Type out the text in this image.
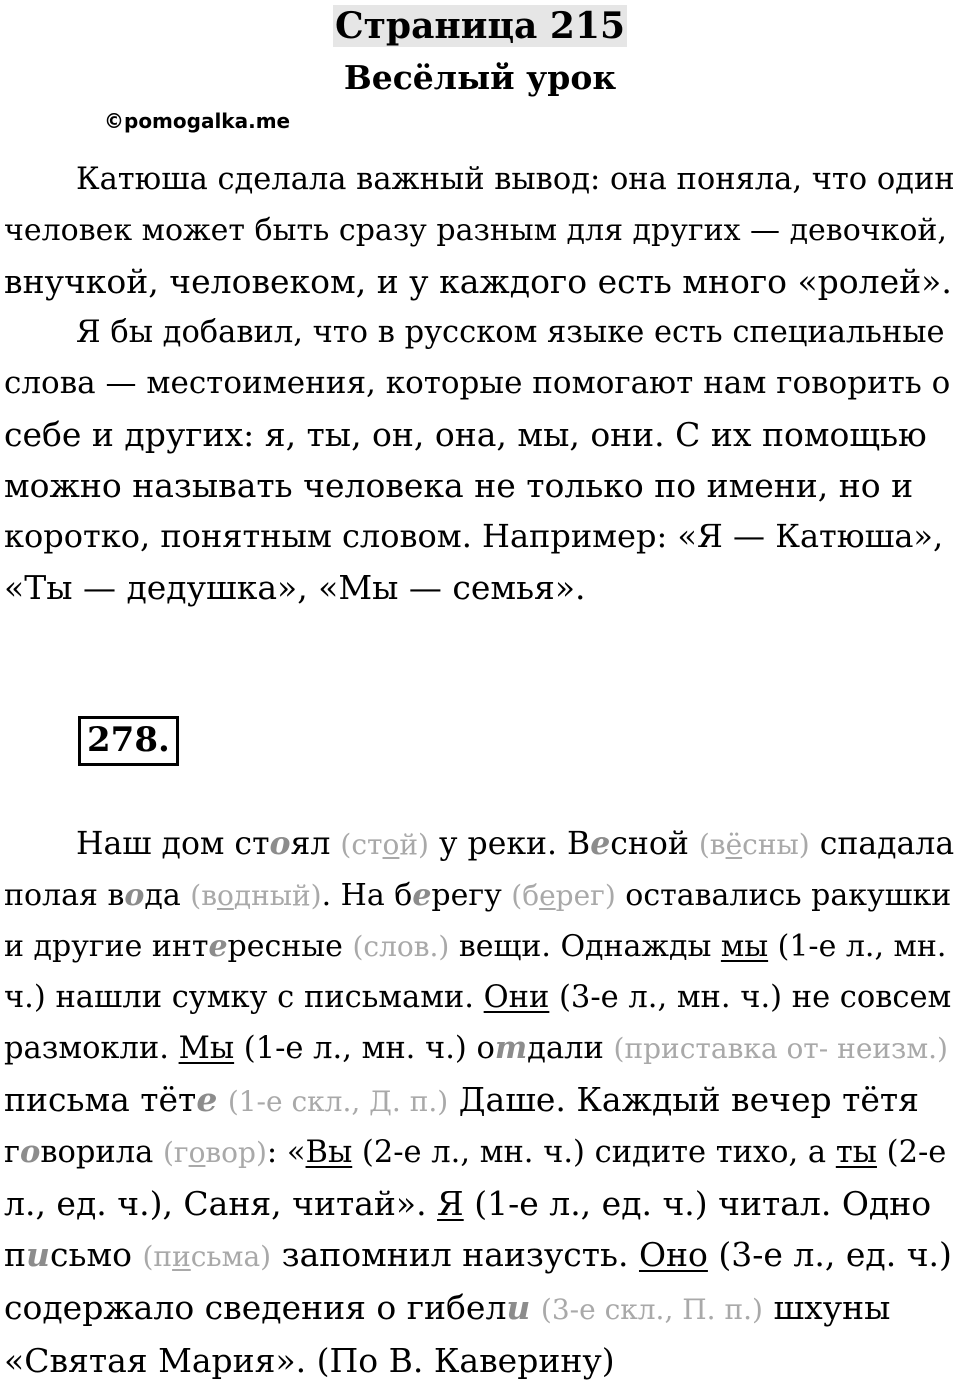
Страница 215
Весёлый урок
©pomogalka.me
Катюша сделала важный вывод: она поняла, что один
человек может быть сразу разным для других — девочкой,
внучкой, человеком, и у каждого есть много «ролей».
Я бы добавил, что в русском языке есть специальные
слова — местоимения, которые помогают нам говорить о
себе и других: я, ты, он, она, мы, они. С их помощью
можно называть человека не только по имени, но и
коротко, понятным словом. Например: «Я — Катюша»,
«Ты — дедушка», «Мы — семья».
278.
Наш дом стоял (стой) у реки. Весной (вёсны) спадала
полая вода (водный). На берегу (берег) оставались ракушки
и другие интересные (слов.) вещи. Однажды мы (1-е л., мн.
ч.) нашли сумку с письмами. Они (3-е л., мн. ч.) не совсем
размокли. Мы (1-е л., мн. ч.) отдали (приставка от- неизм.)
письма тёте (1-е скл., Д. п.) Даше. Каждый вечер тётя
говорила (говор): «Вы (2-е л., мн. ч.) сидите тихо, а ты (2-е
л., ед. ч.), Саня, читай». Я (1-е л., ед. ч.) читал. Одно
письмо (письма) запомнил наизусть. Оно (3-е л., ед. ч.)
содержало сведения о гибели (3-е скл., П. п.) шхуны
«Святая Мария». (По В. Каверину)
